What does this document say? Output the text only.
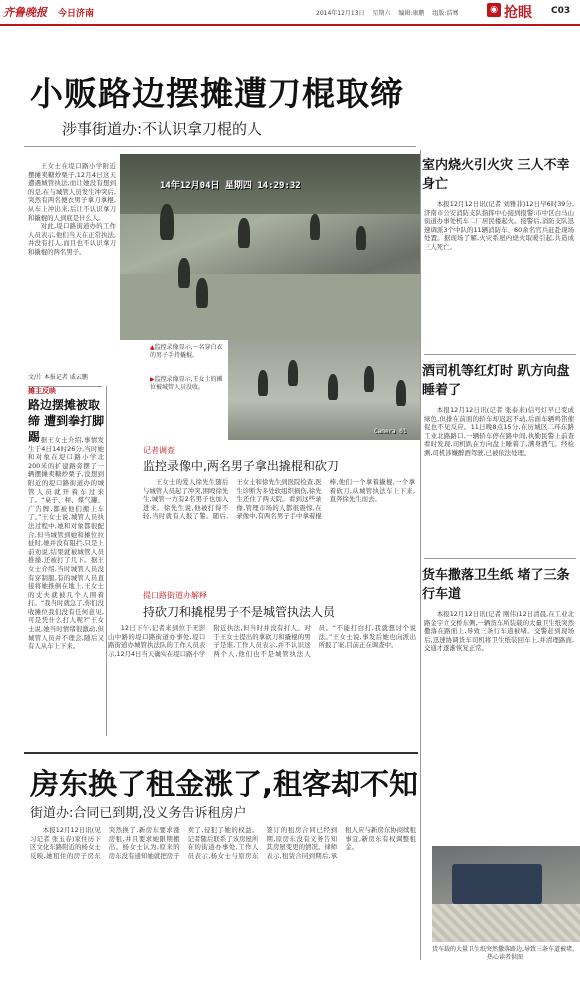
齐鲁晚报 今日济南	2014年12月13日 星期六 编辑:康鹏 组版:浩骞	◉ 抢眼 C03
小贩路边摆摊遭刀棍取缔
涉事街道办:不认识拿刀棍的人

王女士在堤口路小学附近摆摊卖糖炒栗子,12月4日这天遭遇城管执法,而让她没有想到的是,在与城管人员发生冲突后,突然有两名便衣男子拿刀拿棍,从车上冲出来,后让不认识拿刀和撬棍的人到底是什么人。

对此,堤口路街道办的工作人员表示,他们当天在正常执法,并没有打人,而且也不认识拿刀和撬棍的两名男子。

文/片 本报记者 戚云鹏
14年12月04日 星期四 14:29:32
Camera 01
▲监控录像显示,一名穿白衣的男子手持撬棍。
▶监控录像显示,王女士的摊位被城管人员没收。
摊主反映
路边摆摊被取缔 遭到拳打脚踢 据王女士介绍,事情发生于4日14时26分,当时她和对象在堤口路小学北200米的扩建路旁摆了一辆摆摊卖糖炒栗子,没想到附近的堤口路街道办的城管人员就开着车过来了。“桌子、秤、煤气罐、广告牌,都被他们搬上车了。”王女士说,城管人员执法过程中,她和对象都很配合,但当城管到她和摊位拉扯时,她并没有阻拦,只是上前劝说,结果就被城管人员推搡,还被打了几下。据王女士介绍,当时城管人员没有穿制服,有的城管人员直接将她推倒在地上,王女士的丈夫就被几个人围着打。“我当时就急了,你们没收摊位我们没有任何意见,可是凭什么打人呢?”王女士说,她当时情绪很激动,但城管人员并不理会,随后又有人从车上下来。

记者调查
监控录像中,两名男子拿出撬棍和砍刀

王女士的爱人徐先生随后与城管人员起了冲突,围殴徐先生,城管一方有2名男子也加入进来。徐先生说,他被打得不轻,当时就有人报了警。随后,王女士和徐先生到医院检查,医生诊断为多处软组织损伤,徐先生还住了两天院。看到这些录像,管理市场的人都很震惊,在录像中,有两名男子手中拿着棍棒,他们一个拿着撬棍,一个拿着砍刀,从城管执法车上下来,直奔徐先生而去。

提口路街道办解释
持砍刀和撬棍男子不是城管执法人员

12日下午,记者来到位于无影山中路的堤口路街道办事处,堤口路街道办城管执法队的工作人员表示,12月4日当天确实在堤口路小学附近执法,但当时并没有打人。对于王女士提出的拿砍刀和撬棍的男子是谁,工作人员表示,并不认识这两个人,他们也不是城管执法人员。“不能打白打,我就想讨个说法。”王女士说,事发后她也向派出所报了案,目前正在调查中。

室内烧火引火灾 三人不幸身亡

本报12月12日讯(记者 刘雅菲)12日早6时39分,济南市公安消防支队指挥中心接到报警:市中区白马山街道办事处机车二厂居民楼起火。接警后,消防支队迅速调派3个中队的11辆消防车、60余名官兵赶赴现场处置。据现场了解,火灾系屋内烧火取暖引起,共造成三人死亡。

酒司机等红灯时 趴方向盘睡着了

本报12月12日讯(记者 张泰来)信号灯早已变成绿色,但排在前面的轿车却迟迟不动,后面车辆鸣笛催促也不见反应。11日晚8点15分,在历城区二环东路工业北路路口,一辆轿车停在路中间,执勤民警上前查看时发现,司机趴在方向盘上睡着了,满身酒气。经检测,司机涉嫌醉酒驾驶,已被依法处理。

货车撒落卫生纸 堵了三条行车道

本报12月12日讯(记者 刚伟)12日清晨,在工业北路金宇立交桥东侧,一辆货车所装载的大量卫生纸突然撒落在路面上,导致三条行车道被堵。交警赶到现场后,迅速协调货车司机将卫生纸装回车上,并清理路面,交通才逐渐恢复正常。

货车载的大量卫生纸突然撒落路边,导致三条车道被堵。 热心读者供图
房东换了租金涨了,租客却不知
街道办:合同已到期,没义务告诉租房户

本报12月12日讯(见习记者 张玉春)家住历下区文化东路附近的杨女士反映,她租住的房子房东突然换了,新房东要求涨房租,并且要求她限期搬出。杨女士认为,原来的房东没有通知她就把房子卖了,侵犯了她的权益。记者随后联系了该房屋所在的街道办事处,工作人员表示,杨女士与原房东签订的租房合同已经到期,原房东没有义务告知其房屋变更的情况。律师表示,租赁合同到期后,承租人应与新房东协商续租事宜,新房东有权调整租金。
